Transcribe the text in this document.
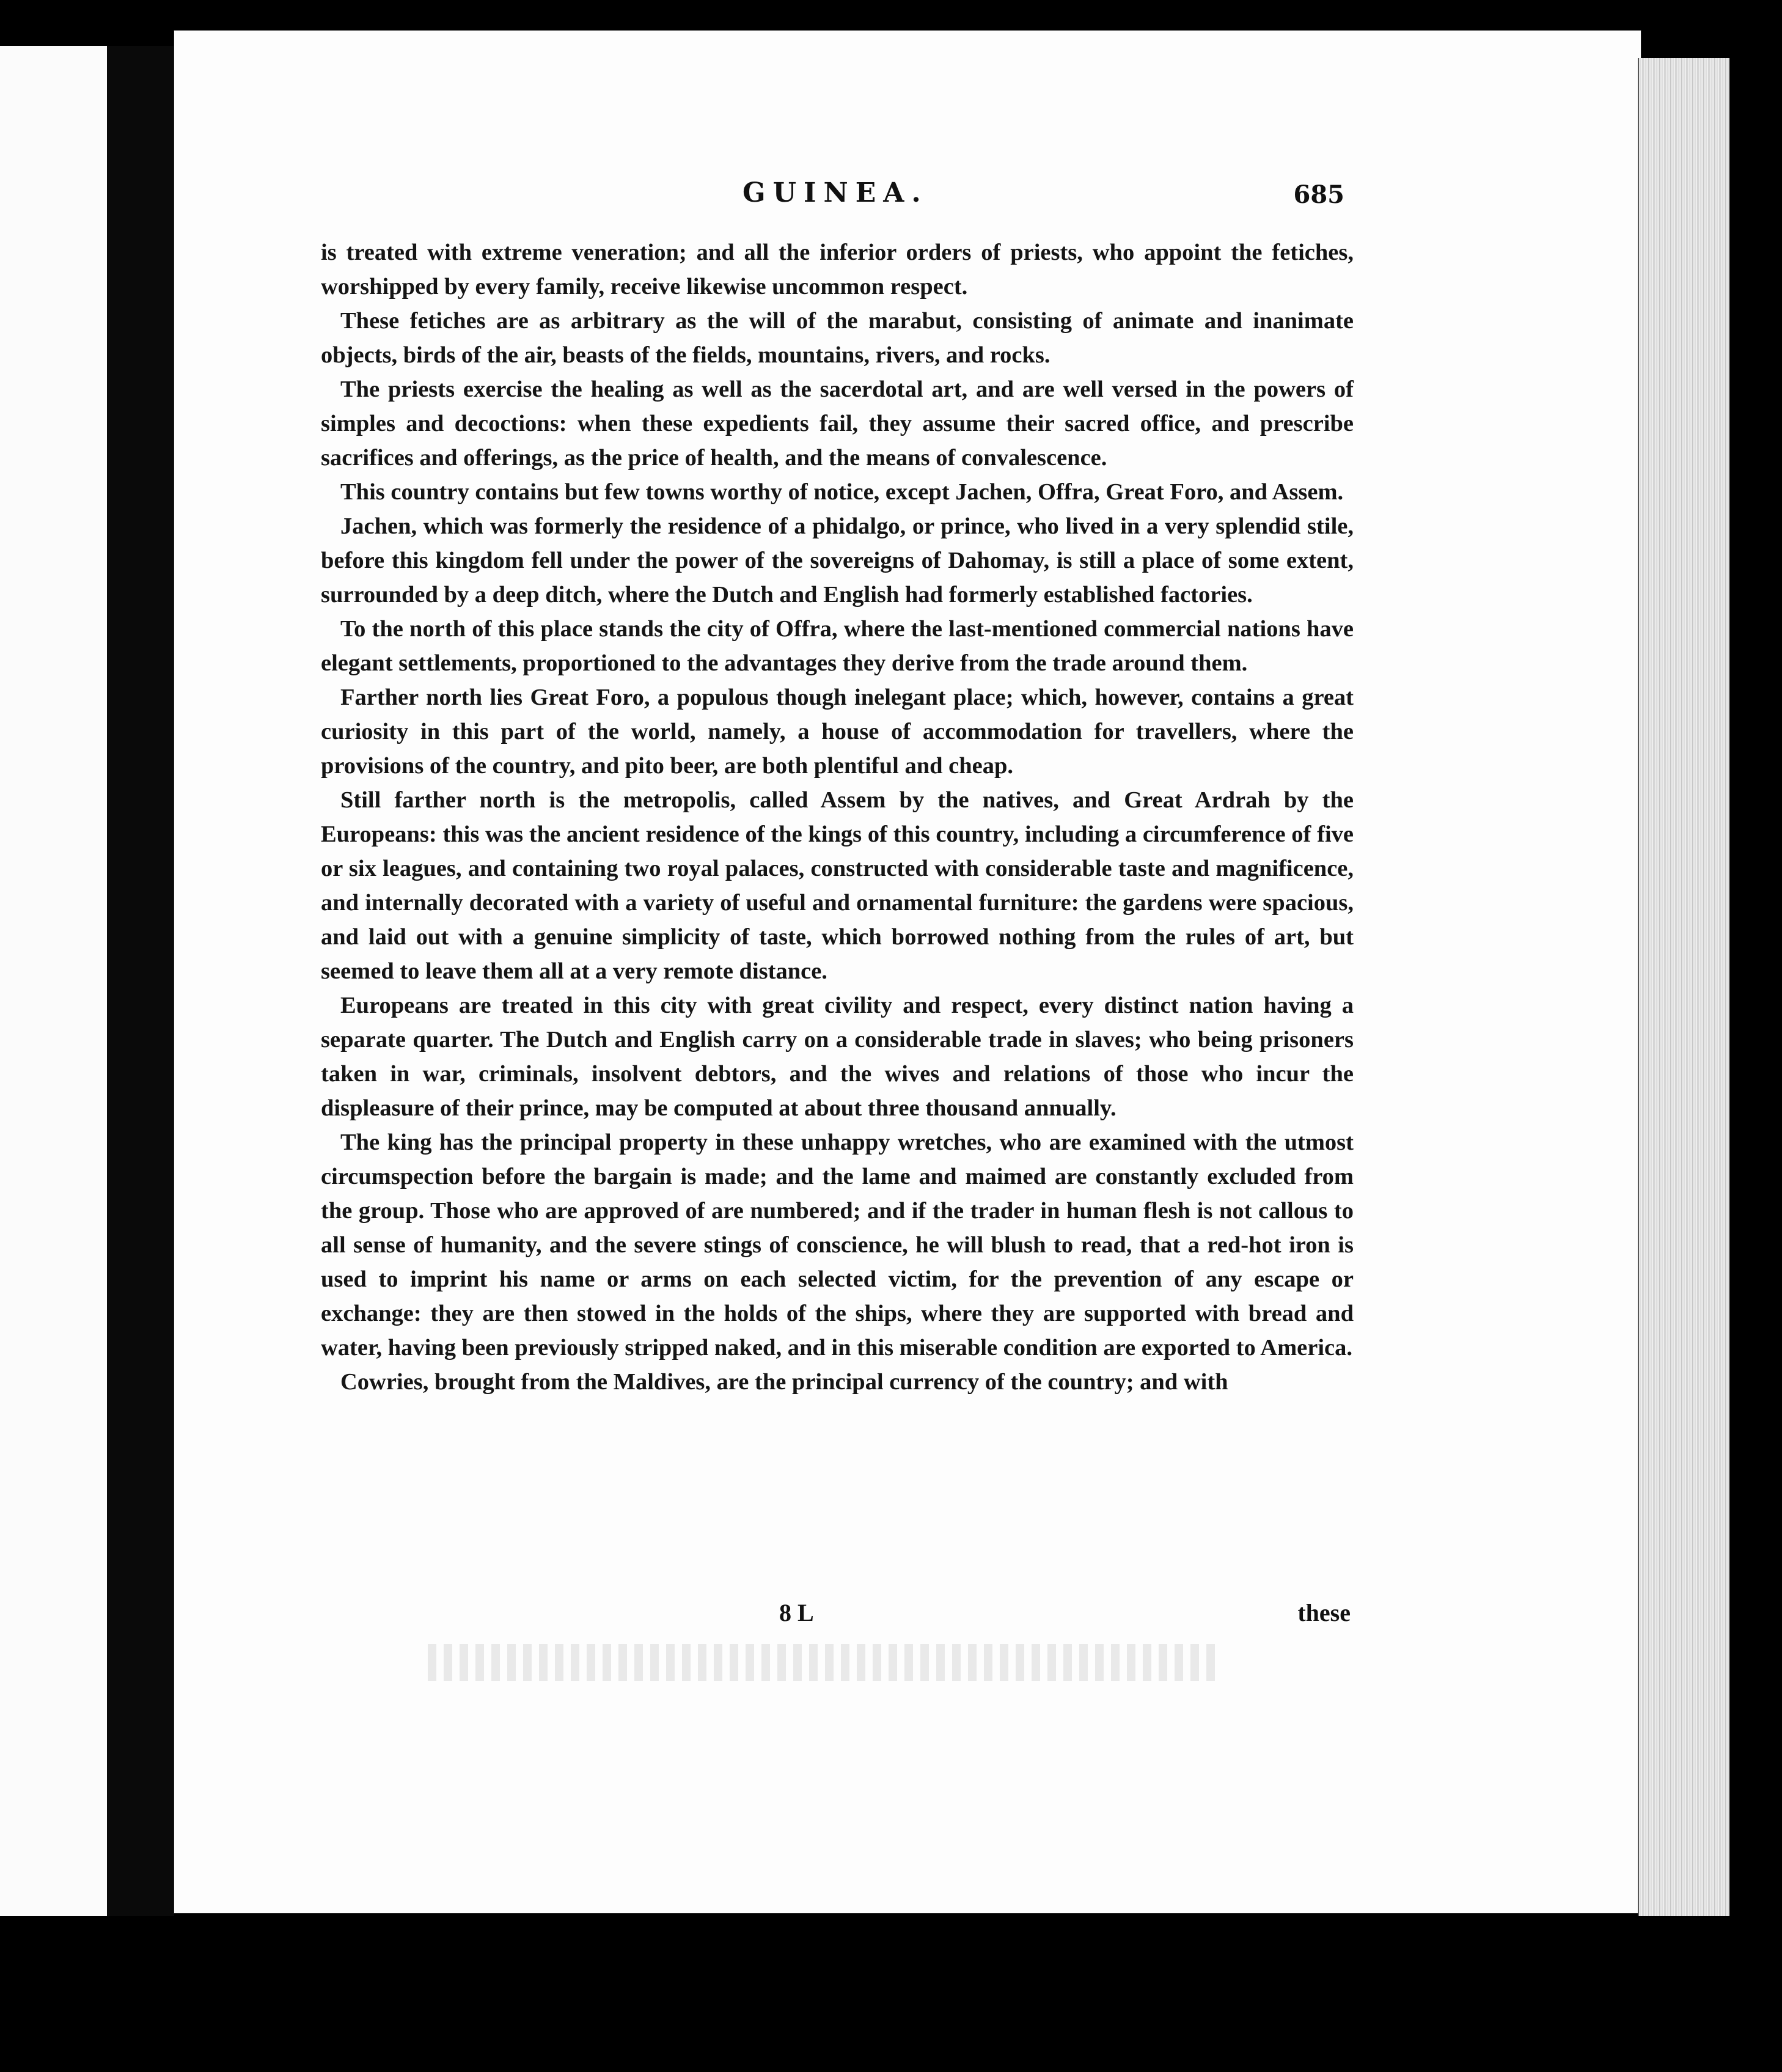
GUINEA.	685

is treated with extreme veneration; and all the inferior orders of priests, who appoint the fetiches, worshipped by every family, receive likewise uncommon respect.

These fetiches are as arbitrary as the will of the marabut, consisting of animate and inanimate objects, birds of the air, beasts of the fields, mountains, rivers, and rocks.

The priests exercise the healing as well as the sacerdotal art, and are well versed in the powers of simples and decoctions: when these expedients fail, they assume their sacred office, and prescribe sacrifices and offerings, as the price of health, and the means of convalescence.

This country contains but few towns worthy of notice, except Jachen, Offra, Great Foro, and Assem.

Jachen, which was formerly the residence of a phidalgo, or prince, who lived in a very splendid stile, before this kingdom fell under the power of the sovereigns of Dahomay, is still a place of some extent, surrounded by a deep ditch, where the Dutch and English had formerly established factories.

To the north of this place stands the city of Offra, where the last-mentioned commercial nations have elegant settlements, proportioned to the advantages they derive from the trade around them.

Farther north lies Great Foro, a populous though inelegant place; which, however, contains a great curiosity in this part of the world, namely, a house of accommodation for travellers, where the provisions of the country, and pito beer, are both plentiful and cheap.

Still farther north is the metropolis, called Assem by the natives, and Great Ardrah by the Europeans: this was the ancient residence of the kings of this country, including a circumference of five or six leagues, and containing two royal palaces, constructed with considerable taste and magnificence, and internally decorated with a variety of useful and ornamental furniture: the gardens were spacious, and laid out with a genuine simplicity of taste, which borrowed nothing from the rules of art, but seemed to leave them all at a very remote distance.

Europeans are treated in this city with great civility and respect, every distinct nation having a separate quarter. The Dutch and English carry on a considerable trade in slaves; who being prisoners taken in war, criminals, insolvent debtors, and the wives and relations of those who incur the displeasure of their prince, may be computed at about three thousand annually.

The king has the principal property in these unhappy wretches, who are examined with the utmost circumspection before the bargain is made; and the lame and maimed are constantly excluded from the group. Those who are approved of are numbered; and if the trader in human flesh is not callous to all sense of humanity, and the severe stings of conscience, he will blush to read, that a red-hot iron is used to imprint his name or arms on each selected victim, for the prevention of any escape or exchange: they are then stowed in the holds of the ships, where they are supported with bread and water, having been previously stripped naked, and in this miserable condition are exported to America.

Cowries, brought from the Maldives, are the principal currency of the country; and with

8 L	these
